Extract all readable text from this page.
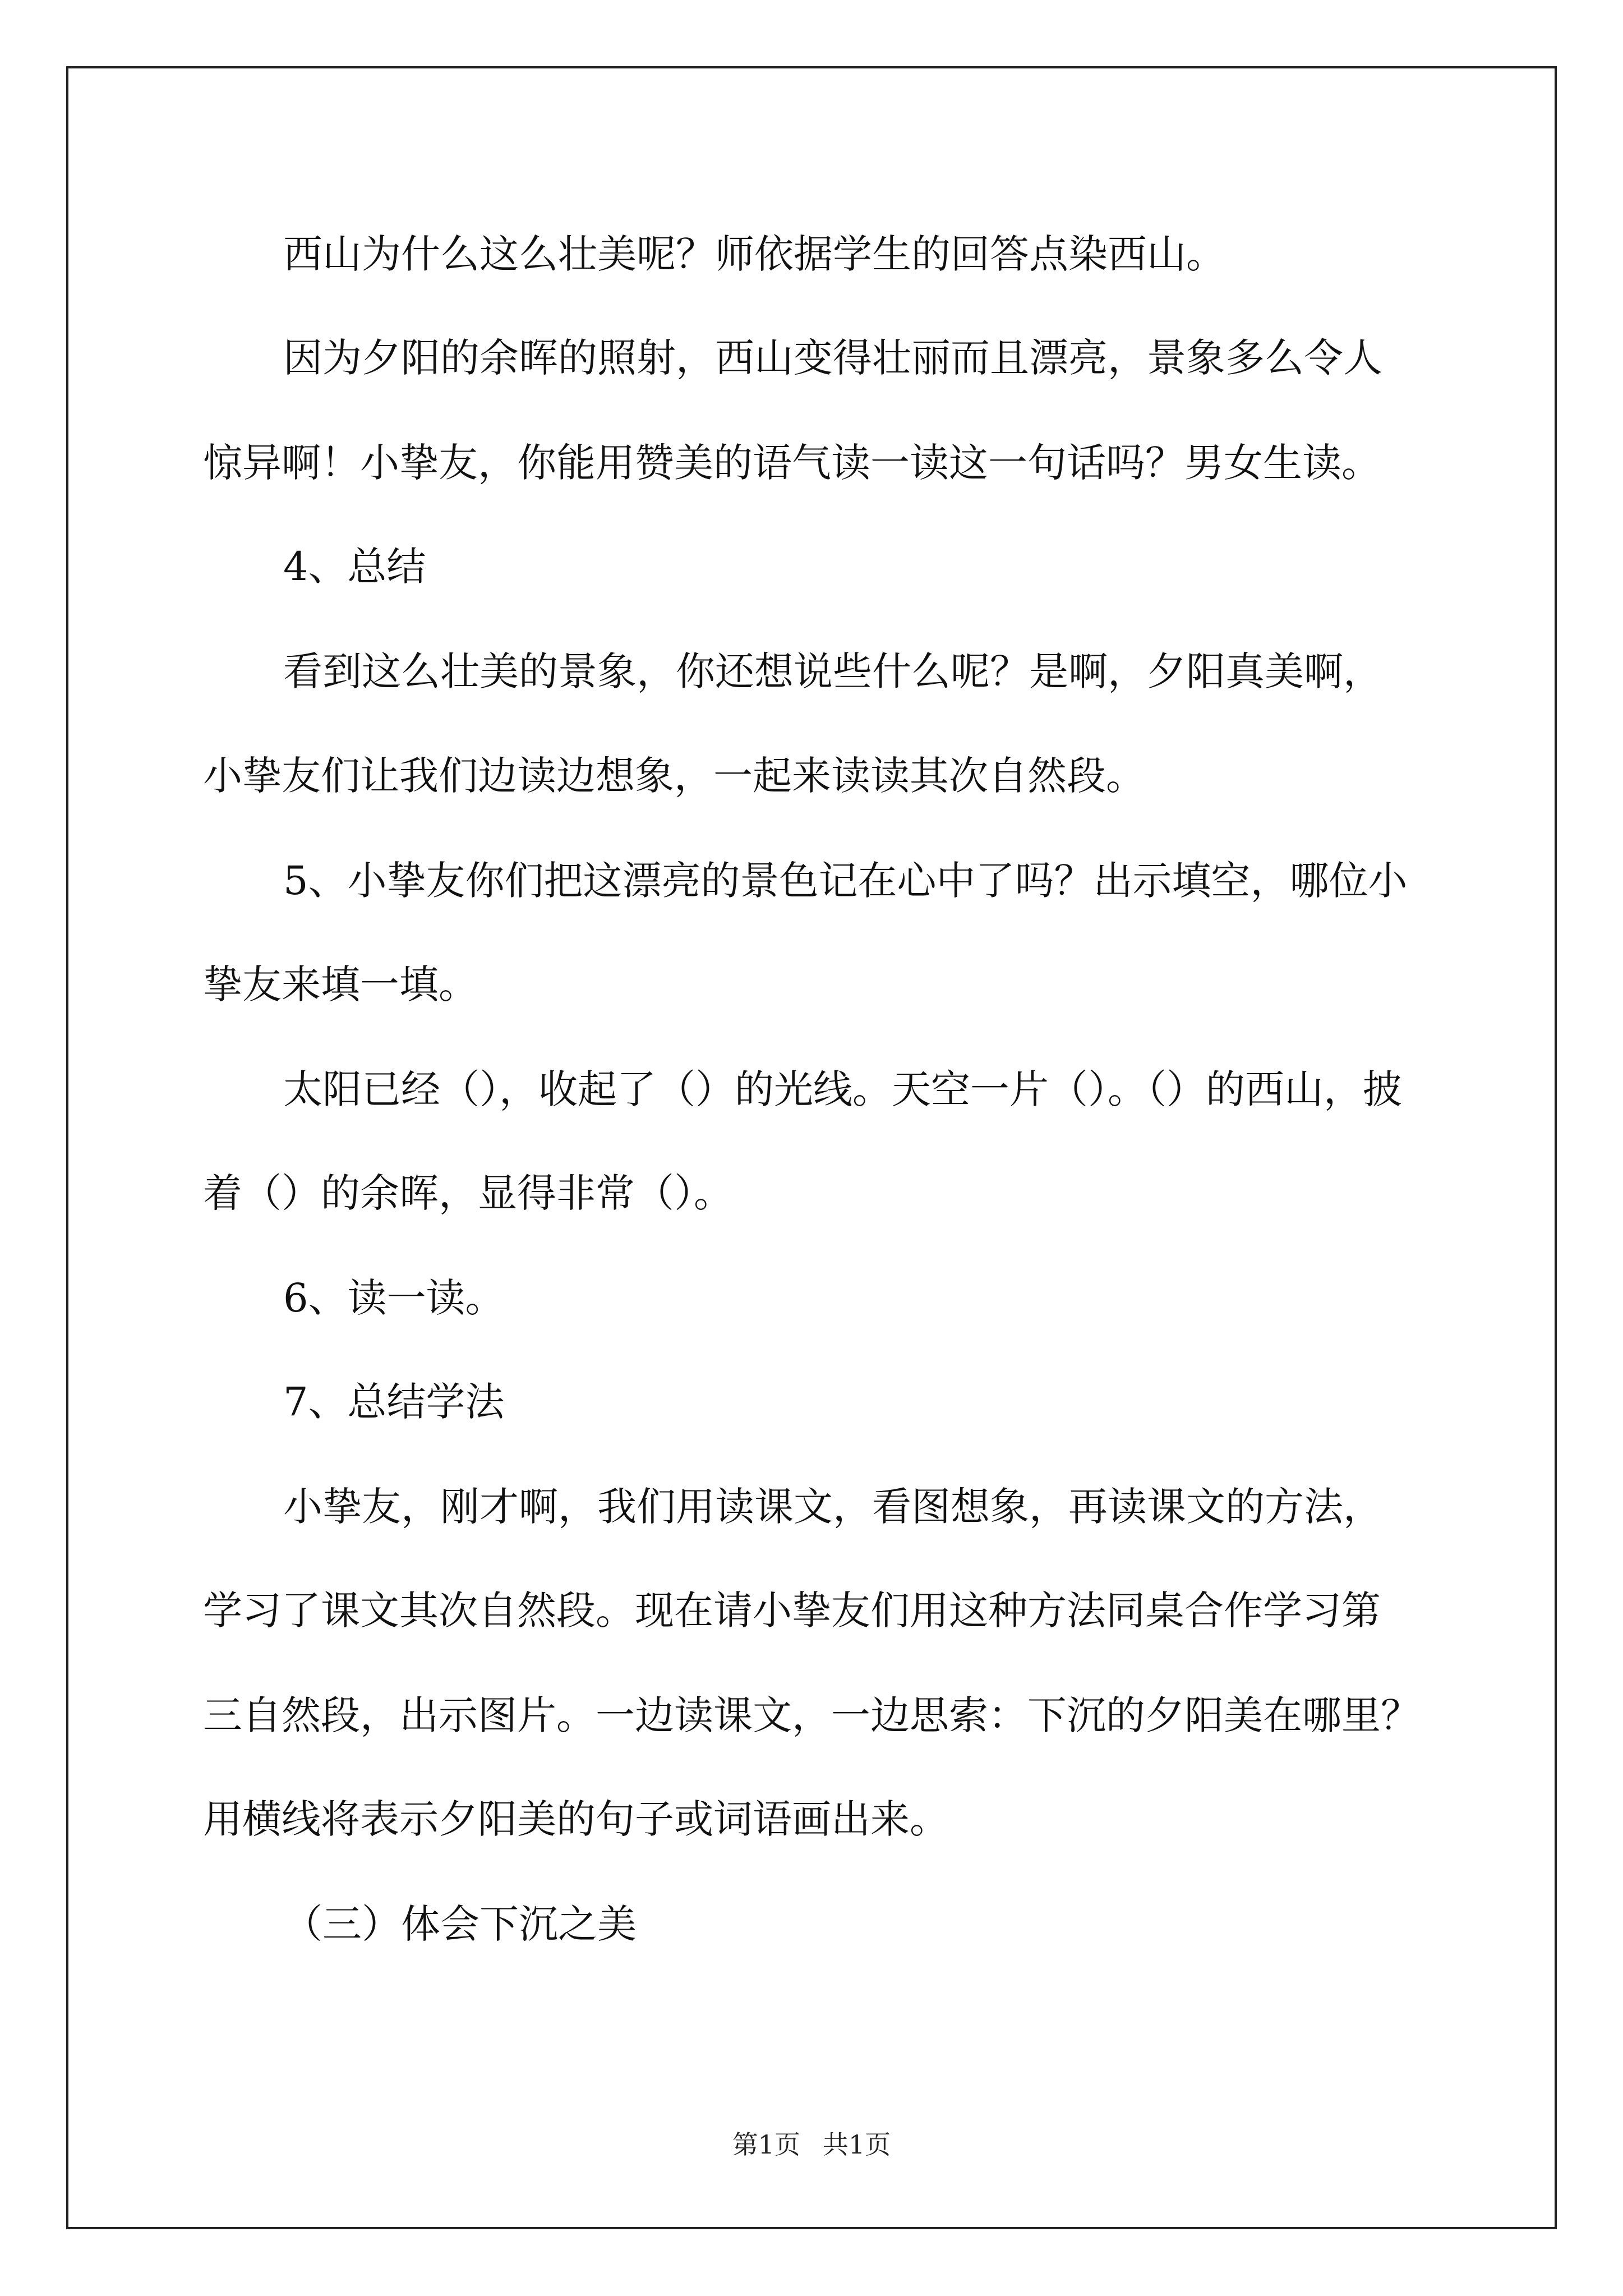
西山为什么这么壮美呢？师依据学生的回答点染西山。
因为夕阳的余晖的照射，西山变得壮丽而且漂亮，景象多么令人
惊异啊！小挚友，你能用赞美的语气读一读这一句话吗？男女生读。
4、总结
看到这么壮美的景象，你还想说些什么呢？是啊，夕阳真美啊，
小挚友们让我们边读边想象，一起来读读其次自然段。
5、小挚友你们把这漂亮的景色记在心中了吗？出示填空，哪位小
挚友来填一填。
太阳已经（），收起了（）的光线。天空一片（）。（）的西山，披
着（）的余晖，显得非常（）。
6、读一读。
7、总结学法
小挚友，刚才啊，我们用读课文，看图想象，再读课文的方法，
学习了课文其次自然段。现在请小挚友们用这种方法同桌合作学习第
三自然段，出示图片。一边读课文，一边思索：下沉的夕阳美在哪里？
用横线将表示夕阳美的句子或词语画出来。
（三）体会下沉之美
第1页 共1页
